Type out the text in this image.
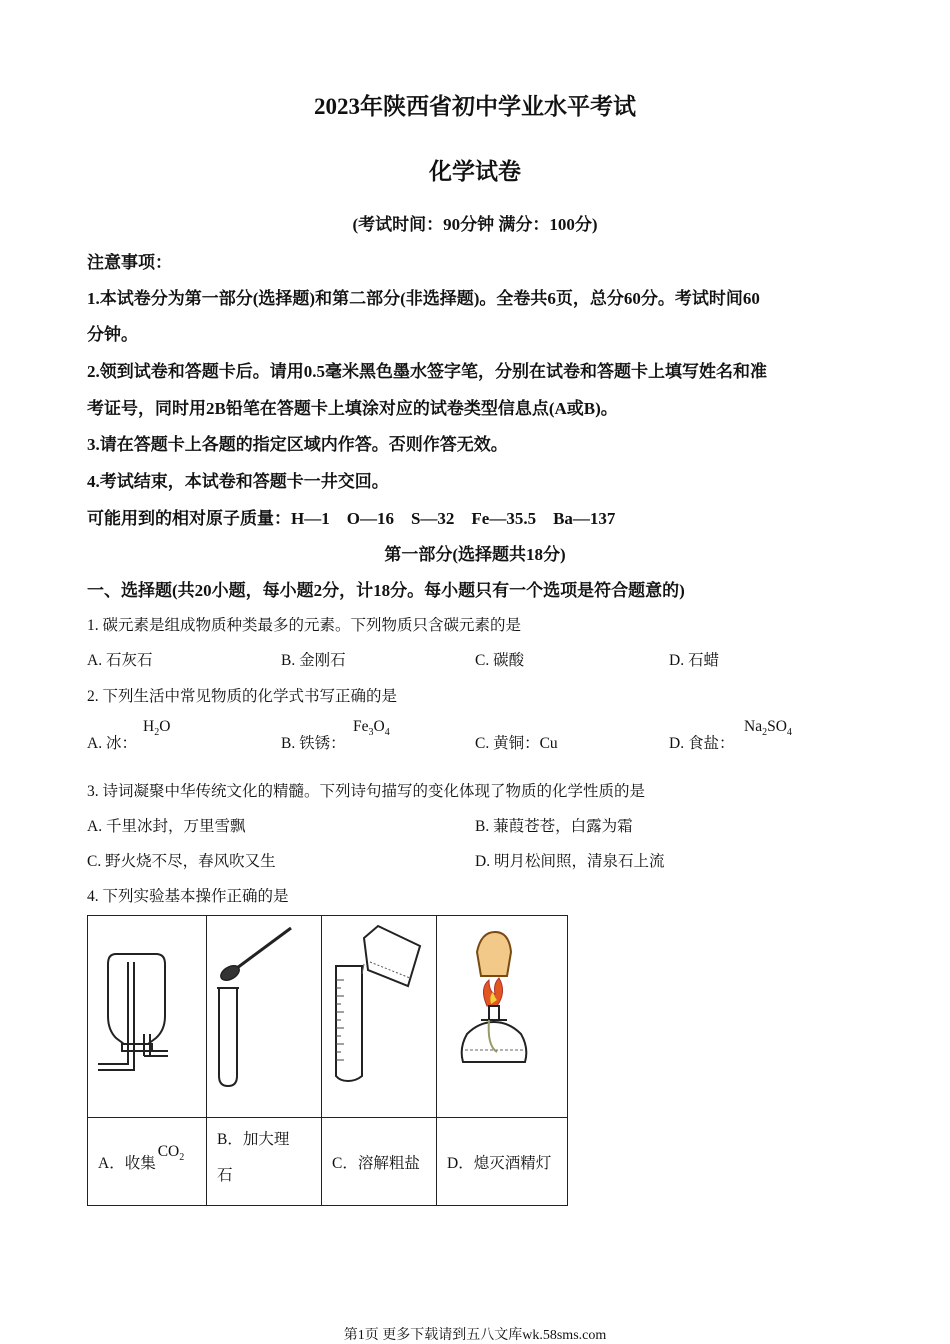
2023年陕西省初中学业水平考试
化学试卷
(考试时间：90分钟 满分：100分)
注意事项：
1.本试卷分为第一部分(选择题)和第二部分(非选择题)。全卷共6页，总分60分。考试时间60
分钟。
2.领到试卷和答题卡后。请用0.5毫米黑色墨水签字笔，分别在试卷和答题卡上填写姓名和准
考证号，同时用2B铅笔在答题卡上填涂对应的试卷类型信息点(A或B)。
3.请在答题卡上各题的指定区域内作答。否则作答无效。
4.考试结束，本试卷和答题卡一井交回。
可能用到的相对原子质量：H—1　O—16　S—32　Fe—35.5　Ba—137
第一部分(选择题共18分)
一、选择题(共20小题，每小题2分，计18分。每小题只有一个选项是符合题意的)
1. 碳元素是组成物质种类最多的元素。下列物质只含碳元素的是
A. 石灰石	B. 金刚石	C. 碳酸	D. 石蜡
2. 下列生活中常见物质的化学式书写正确的是
A. 冰：
$H_2O$
B. 铁锈：
$Fe_3O_4$
C. 黄铜：Cu	D. 食盐：
$Na_2SO_4$
3. 诗词凝聚中华传统文化的精髓。下列诗句描写的变化体现了物质的化学性质的是
A. 千里冰封，万里雪飘	B. 蒹葭苍苍，白露为霜
C. 野火烧不尽，春风吹又生	D. 明月松间照，清泉石上流
4. 下列实验基本操作正确的是

A．收集$CO_2$	B．加大理
石	C．溶解粗盐	D．熄灭酒精灯
第1页 更多下载请到五八文库wk.58sms.com
